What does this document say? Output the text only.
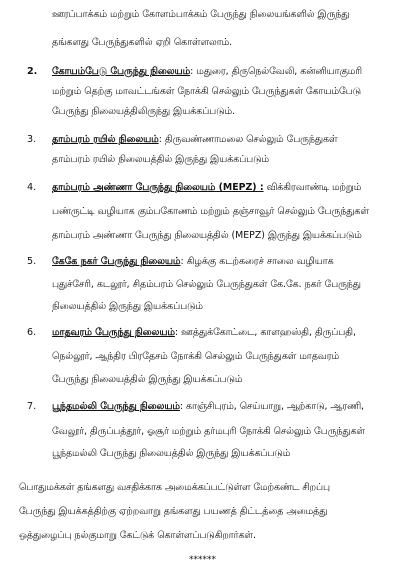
ஊரப்பாக்கம் மற்றும் கோளம்பாக்கம் பேருந்து நிலையங்களில் இருந்து
தங்களது பேருந்துகளில் ஏறி கொள்ளலாம்.
2. கோயம்பேடு பேருந்து நிலையம்: மதுரை, திருநெல்வேலி, கன்னியாகுமரி
மற்றும் தெற்கு மாவட்டங்கள் நோக்கி செல்லும் பேருந்துகள் கோயம்பேடு
பேருந்து நிலையத்திலிருந்து இயக்கப்படும்.
3. தாம்பரம் ரயில் நிலையம்: திருவண்ணாமலை செல்லும் பேருந்துகள்
தாம்பரம் ரயில் நிலையத்தில் இருந்து இயக்கப்படும்
4. தாம்பரம் அண்ணா பேருந்து நிலையம் (MEPZ) : விக்கிரவாண்டி மற்றும்
பண்ருட்டி வழியாக கும்பகோணம் மற்றும் தஞ்சாவூர் செல்லும் பேருந்துகள்
தாம்பரம் அண்ணா பேருந்து நிலையத்தில் (MEPZ) இருந்து இயக்கப்படும்
5. கேகே நகர் பேருந்து நிலையம்: கிழக்கு கடற்கரைச் சாலை வழியாக
புதுச்சேரி, கடலூர், சிதம்பரம் செல்லும் பேருந்துகள் கே.கே. நகர் பேருந்து
நிலையத்தில் இருந்து இயக்கப்படும்
6. மாதவரம் பேருந்து நிலையம்: ஊத்துக்கோட்டை, காளஹஸ்தி, திருப்பதி,
நெல்லூர், ஆந்திர பிரதேசம் நோக்கி செல்லும் பேருந்துகள் மாதவரம்
பேருந்து நிலையத்தில் இருந்து இயக்கப்படும்
7. பூந்தமல்லி பேருந்து நிலையம்: காஞ்சிபுரம், செய்யாறு, ஆற்காடு, ஆரணி,
வேலூர், திருப்பத்தூர், ஓசூர் மற்றும் தர்மபுரி நோக்கி செல்லும் பேருந்துகள்
பூந்தமல்லி பேருந்து நிலையத்தில் இருந்து இயக்கப்படும்
பொதுமக்கள் தங்களது வசதிக்காக அமைக்கப்பட்டுள்ள மேற்கண்ட சிறப்பு
பேருந்து இயக்கத்திற்கு ஏற்றவாறு தங்களது பயணத் திட்டத்தை அமைத்து
ஒத்துழைப்பு நல்குமாறு கேட்டுக் கொள்ளப்படுகிறார்கள்.
******
